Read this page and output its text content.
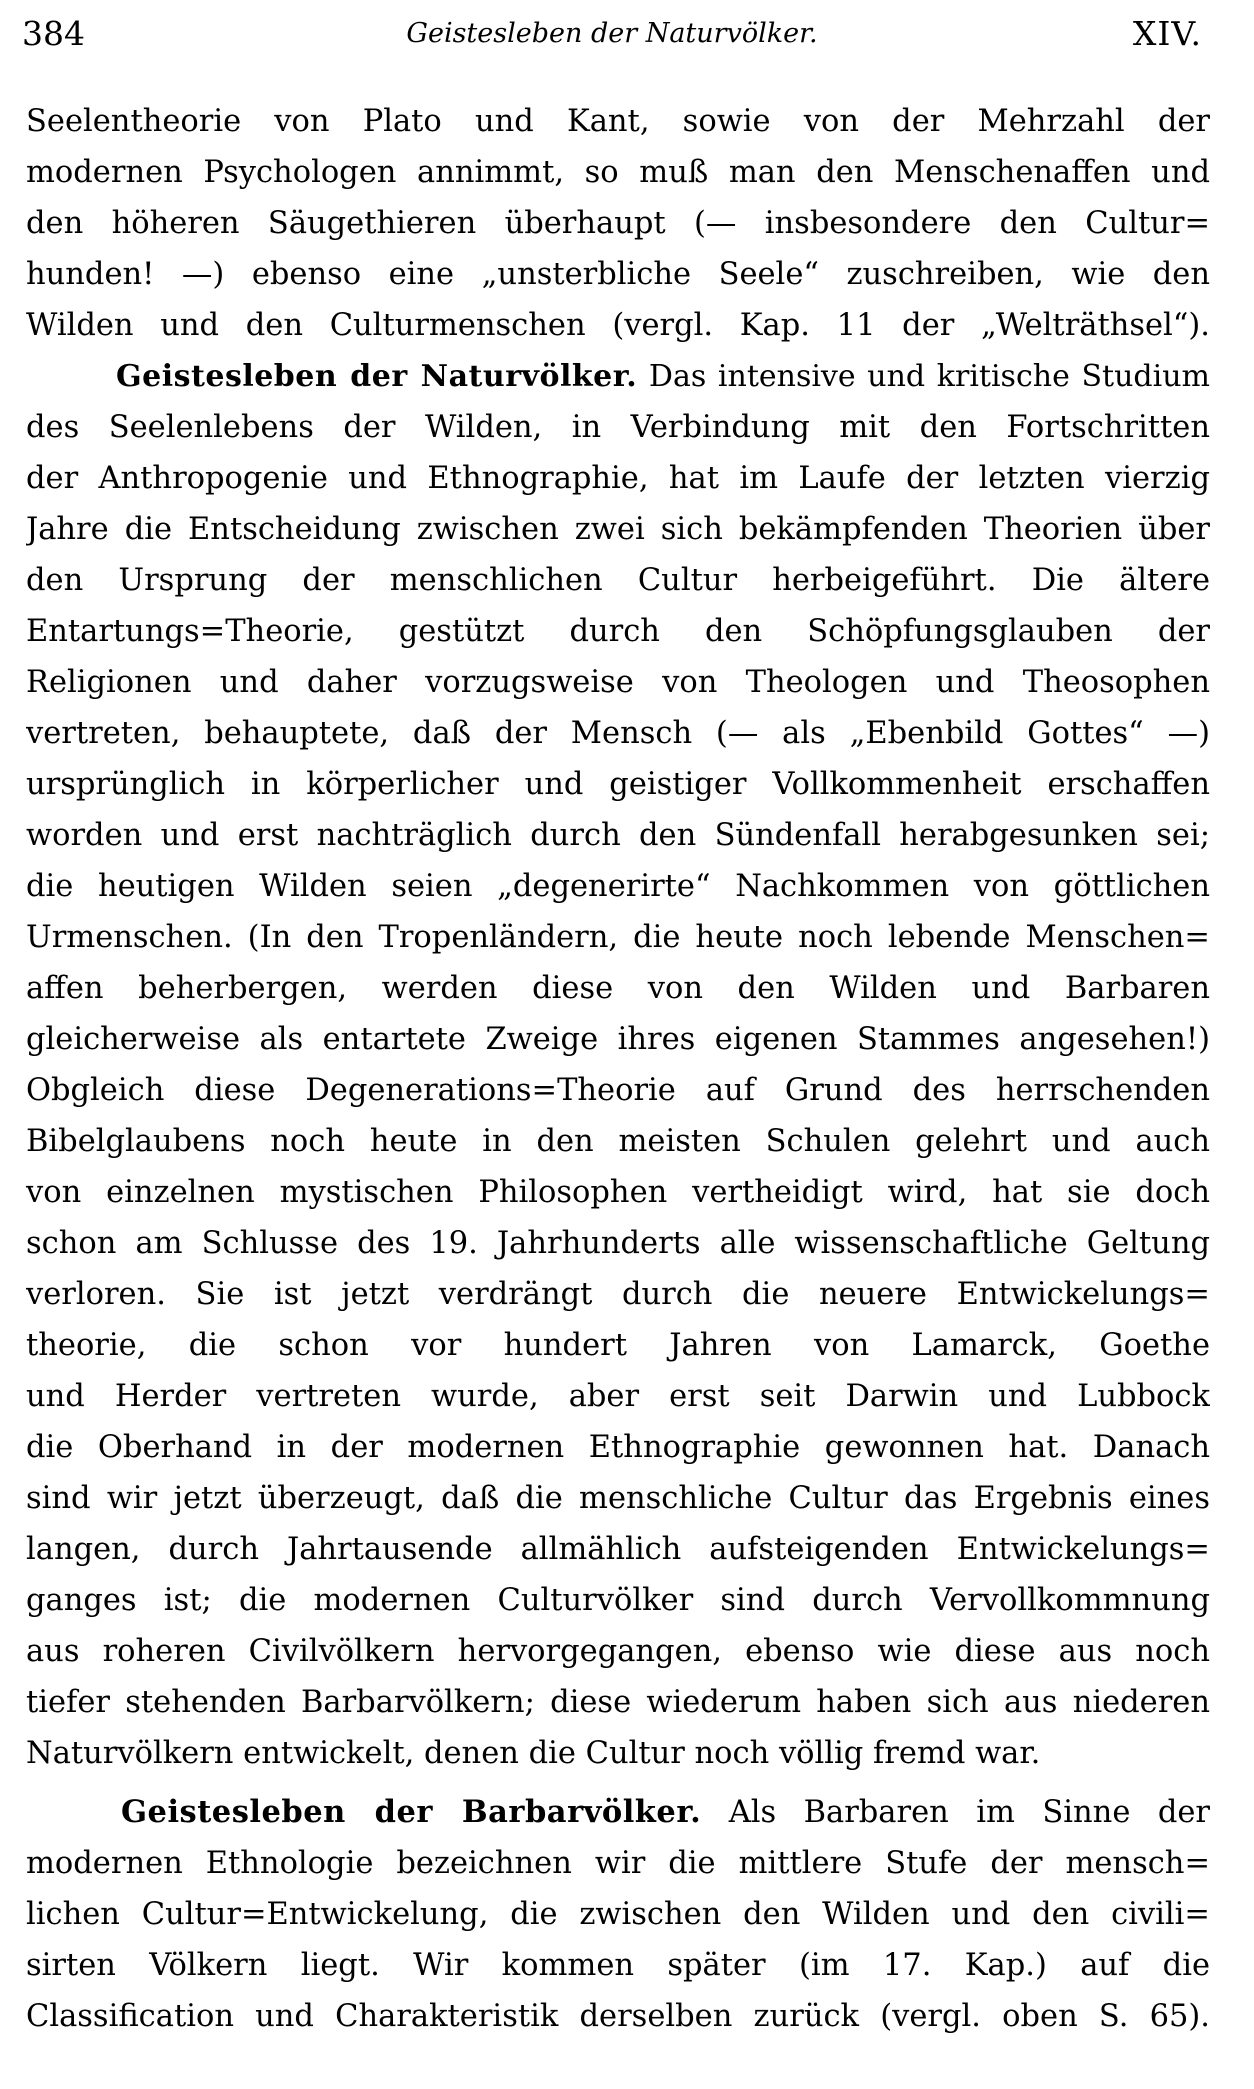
384	Geistesleben der Naturvölker.	XIV.
Seelentheorie von Plato und Kant, sowie von der Mehrzahl der
modernen Psychologen annimmt, so muß man den Menschenaffen und
den höheren Säugethieren überhaupt (— insbesondere den Cultur=
hunden! —) ebenso eine „unsterbliche Seele“ zuschreiben, wie den
Wilden und den Culturmenschen (vergl. Kap. 11 der „Welträthsel“).
Geistesleben der Naturvölker. Das intensive und kritische Studium
des Seelenlebens der Wilden, in Verbindung mit den Fortschritten
der Anthropogenie und Ethnographie, hat im Laufe der letzten vierzig
Jahre die Entscheidung zwischen zwei sich bekämpfenden Theorien über
den Ursprung der menschlichen Cultur herbeigeführt. Die ältere
Entartungs=Theorie, gestützt durch den Schöpfungsglauben der
Religionen und daher vorzugsweise von Theologen und Theosophen
vertreten, behauptete, daß der Mensch (— als „Ebenbild Gottes“ —)
ursprünglich in körperlicher und geistiger Vollkommenheit erschaffen
worden und erst nachträglich durch den Sündenfall herabgesunken sei;
die heutigen Wilden seien „degenerirte“ Nachkommen von göttlichen
Urmenschen. (In den Tropenländern, die heute noch lebende Menschen=
affen beherbergen, werden diese von den Wilden und Barbaren
gleicherweise als entartete Zweige ihres eigenen Stammes angesehen!)
Obgleich diese Degenerations=Theorie auf Grund des herrschenden
Bibelglaubens noch heute in den meisten Schulen gelehrt und auch
von einzelnen mystischen Philosophen vertheidigt wird, hat sie doch
schon am Schlusse des 19. Jahrhunderts alle wissenschaftliche Geltung
verloren. Sie ist jetzt verdrängt durch die neuere Entwickelungs=
theorie, die schon vor hundert Jahren von Lamarck, Goethe
und Herder vertreten wurde, aber erst seit Darwin und Lubbock
die Oberhand in der modernen Ethnographie gewonnen hat. Danach
sind wir jetzt überzeugt, daß die menschliche Cultur das Ergebnis eines
langen, durch Jahrtausende allmählich aufsteigenden Entwickelungs=
ganges ist; die modernen Culturvölker sind durch Vervollkommnung
aus roheren Civilvölkern hervorgegangen, ebenso wie diese aus noch
tiefer stehenden Barbarvölkern; diese wiederum haben sich aus niederen
Naturvölkern entwickelt, denen die Cultur noch völlig fremd war.
Geistesleben der Barbarvölker. Als Barbaren im Sinne der
modernen Ethnologie bezeichnen wir die mittlere Stufe der mensch=
lichen Cultur=Entwickelung, die zwischen den Wilden und den civili=
sirten Völkern liegt. Wir kommen später (im 17. Kap.) auf die
Classification und Charakteristik derselben zurück (vergl. oben S. 65).
